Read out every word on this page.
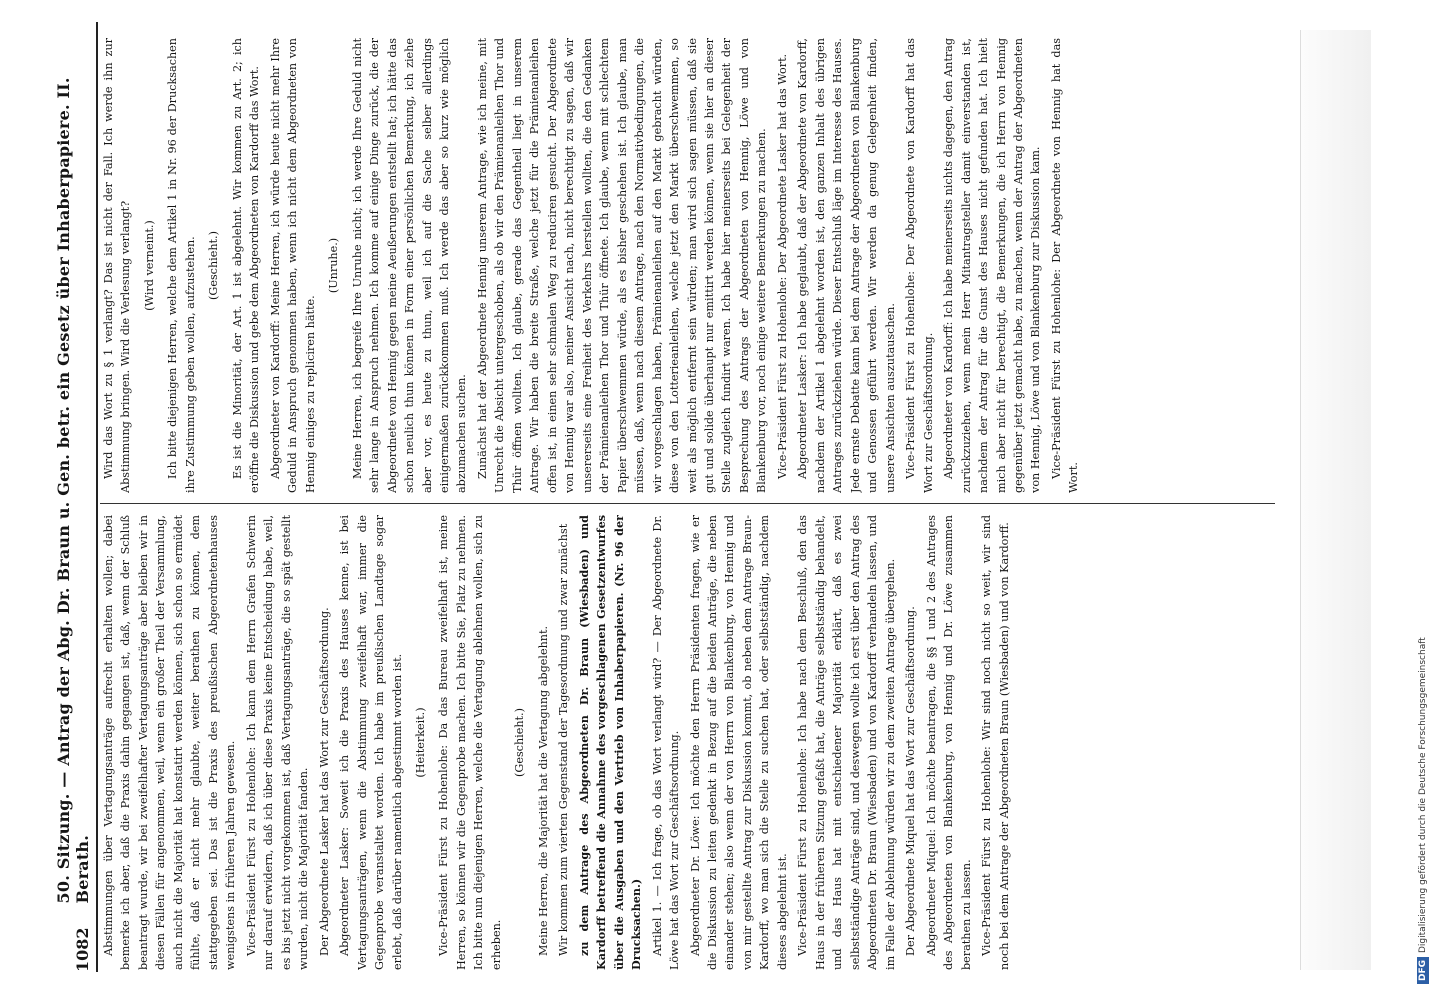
1082
50. Sitzung. — Antrag der Abg. Dr. Braun u. Gen. betr. ein Gesetz über Inhaberpapiere. II. Berath. Abstimmungen über Vertagungsanträge aufrecht erhalten wollen; dabei bemerke ich aber, daß die Praxis dahin gegangen ist, daß, wenn der Schluß beantragt wurde, wir bei zweifelhafter Vertagungsanträge aber bleiben wir in diesen Fällen für angenommen, weil, wenn ein großer Theil der Versammlung, auch nicht die Majorität hat konstatirt werden können, sich schon so ermüdet fühlte, daß er nicht mehr glaubte, weiter berathen zu können, dem stattgegeben sei. Das ist die Praxis des preußischen Abgeordnetenhauses wenigstens in früheren Jahren gewesen. Vice-Präsident Fürst zu Hohenlohe: Ich kann dem Herrn Grafen Schwerin nur darauf erwidern, daß ich über diese Praxis keine Entscheidung habe, weil, es bis jetzt nicht vorgekommen ist, daß Vertagungsanträge, die so spät gestellt wurden, nicht die Majorität fanden. Der Abgeordnete Lasker hat das Wort zur Geschäftsordnung. Abgeordneter Lasker: Soweit ich die Praxis des Hauses kenne, ist bei Vertagungsanträgen, wenn die Abstimmung zweifelhaft war, immer die Gegenprobe veranstaltet worden. Ich habe im preußischen Landtage sogar erlebt, daß darüber namentlich abgestimmt worden ist. (Heiterkeit.) Vice-Präsident Fürst zu Hohenlohe: Da das Bureau zweifelhaft ist, meine Herren, so können wir die Gegenprobe machen. Ich bitte Sie, Platz zu nehmen. Ich bitte nun diejenigen Herren, welche die Vertagung ablehnen wollen, sich zu erheben.

(Geschieht.) Meine Herren, die Majorität hat die Vertagung abgelehnt. Wir kommen zum vierten Gegenstand der Tagesordnung und zwar zunächst zu dem Antrage des Abgeordneten Dr. Braun (Wiesbaden) und Kardorff betreffend die Annahme des vorgeschlagenen Gesetzentwurfes über die Ausgaben und den Vertrieb von Inhaberpapieren. (Nr. 96 der Drucksachen.) Artikel 1. — Ich frage, ob das Wort verlangt wird? — Der Abgeordnete Dr. Löwe hat das Wort zur Geschäftsordnung. Abgeordneter Dr. Löwe: Ich möchte den Herrn Präsidenten fragen, wie er die Diskussion zu leiten gedenkt in Bezug auf die beiden Anträge, die neben einander stehen; also wenn der von Herrn von Blankenburg, von Hennig und von mir gestellte Antrag zur Diskussion kommt, ob neben dem Antrage Braun-Kardorff, wo man sich die Stelle zu suchen hat, oder selbstständig, nachdem dieses abgelehnt ist. Vice-Präsident Fürst zu Hohenlohe: Ich habe nach dem Beschluß, den das Haus in der früheren Sitzung gefaßt hat, die Anträge selbstständig behandelt, und das Haus hat mit entschiedener Majorität erklärt, daß es zwei selbstständige Anträge sind, und deswegen wollte ich erst über den Antrag des Abgeordneten Dr. Braun (Wiesbaden) und von Kardorff verhandeln lassen, und im Falle der Ablehnung würden wir zu dem zweiten Antrage übergehen. Der Abgeordnete Miquel hat das Wort zur Geschäftsordnung. Abgeordneter Miquel: Ich möchte beantragen, die §§ 1 und 2 des Antrages des Abgeordneten von Blankenburg, von Hennig und Dr. Löwe zusammen berathen zu lassen. Vice-Präsident Fürst zu Hohenlohe: Wir sind noch nicht so weit, wir sind noch bei dem Antrage der Abgeordneten Braun (Wiesbaden) und von Kardorff.

Wird das Wort zu § 1 verlangt? Das ist nicht der Fall. Ich werde ihn zur Abstimmung bringen. Wird die Verlesung verlangt? (Wird verneint.) Ich bitte diejenigen Herren, welche dem Artikel 1 in Nr. 96 der Drucksachen ihre Zustimmung geben wollen, aufzustehen. (Geschieht.) Es ist die Minorität, der Art. 1 ist abgelehnt. Wir kommen zu Art. 2; ich eröffne die Diskussion und gebe dem Abgeordneten von Kardorff das Wort. Abgeordneter von Kardorff: Meine Herren, ich würde heute nicht mehr Ihre Geduld in Anspruch genommen haben, wenn ich nicht dem Abgeordneten von Hennig einiges zu repliciren hätte.

(Unruhe.) Meine Herren, ich begreife Ihre Unruhe nicht; ich werde Ihre Geduld nicht sehr lange in Anspruch nehmen. Ich komme auf einige Dinge zurück, die der Abgeordnete von Hennig gegen meine Aeußerungen entstellt hat; ich hätte das schon neulich thun können in Form einer persönlichen Bemerkung, ich ziehe aber vor, es heute zu thun, weil ich auf die Sache selber allerdings einigermaßen zurückkommen muß. Ich werde das aber so kurz wie möglich abzumachen suchen. Zunächst hat der Abgeordnete Hennig unserem Antrage, wie ich meine, mit Unrecht die Absicht untergeschoben, als ob wir den Prämienanleihen Thor und Thür öffnen wollten. Ich glaube, gerade das Gegentheil liegt in unserem Antrage. Wir haben die breite Straße, welche jetzt für die Prämienanleihen offen ist, in einen sehr schmalen Weg zu reduciren gesucht. Der Abgeordnete von Hennig war also, meiner Ansicht nach, nicht berechtigt zu sagen, daß wir unsererseits eine Freiheit des Verkehrs herstellen wollten, die den Gedanken der Prämienanleihen Thor und Thür öffnete. Ich glaube, wenn mit schlechtem Papier überschwemmen würde, als es bisher geschehen ist. Ich glaube, man müssen, daß, wenn nach diesem Antrage, nach den Normativbedingungen, die wir vorgeschlagen haben, Prämienanleihen auf den Markt gebracht würden, diese von den Lotterieanleihen, welche jetzt den Markt überschwemmen, so weit als möglich entfernt sein würden; man wird sich sagen müssen, daß sie gut und solide überhaupt nur emittirt werden können, wenn sie hier an dieser Stelle zugleich fundirt waren. Ich habe hier meinerseits bei Gelegenheit der Besprechung des Antrags der Abgeordneten von Hennig, Löwe und von Blankenburg vor, noch einige weitere Bemerkungen zu machen. Vice-Präsident Fürst zu Hohenlohe: Der Abgeordnete Lasker hat das Wort. Abgeordneter Lasker: Ich habe geglaubt, daß der Abgeordnete von Kardorff, nachdem der Artikel 1 abgelehnt worden ist, den ganzen Inhalt des übrigen Antrages zurückziehen würde. Dieser Entschluß läge im Interesse des Hauses. Jede ernste Debatte kann bei dem Antrage der Abgeordneten von Blankenburg und Genossen geführt werden. Wir werden da genug Gelegenheit finden, unsere Ansichten auszutauschen. Vice-Präsident Fürst zu Hohenlohe: Der Abgeordnete von Kardorff hat das Wort zur Geschäftsordnung. Abgeordneter von Kardorff: Ich habe meinerseits nichts dagegen, den Antrag zurückzuziehen, wenn mein Herr Mitantragsteller damit einverstanden ist, nachdem der Antrag für die Gunst des Hauses nicht gefunden hat. Ich hielt mich aber nicht für berechtigt, die Bemerkungen, die ich Herrn von Hennig gegenüber jetzt gemacht habe, zu machen, wenn der Antrag der Abgeordneten von Hennig, Löwe und von Blankenburg zur Diskussion kam. Vice-Präsident Fürst zu Hohenlohe: Der Abgeordnete von Hennig hat das Wort.

DFG
Digitalisierung gefördert durch die Deutsche Forschungsgemeinschaft
